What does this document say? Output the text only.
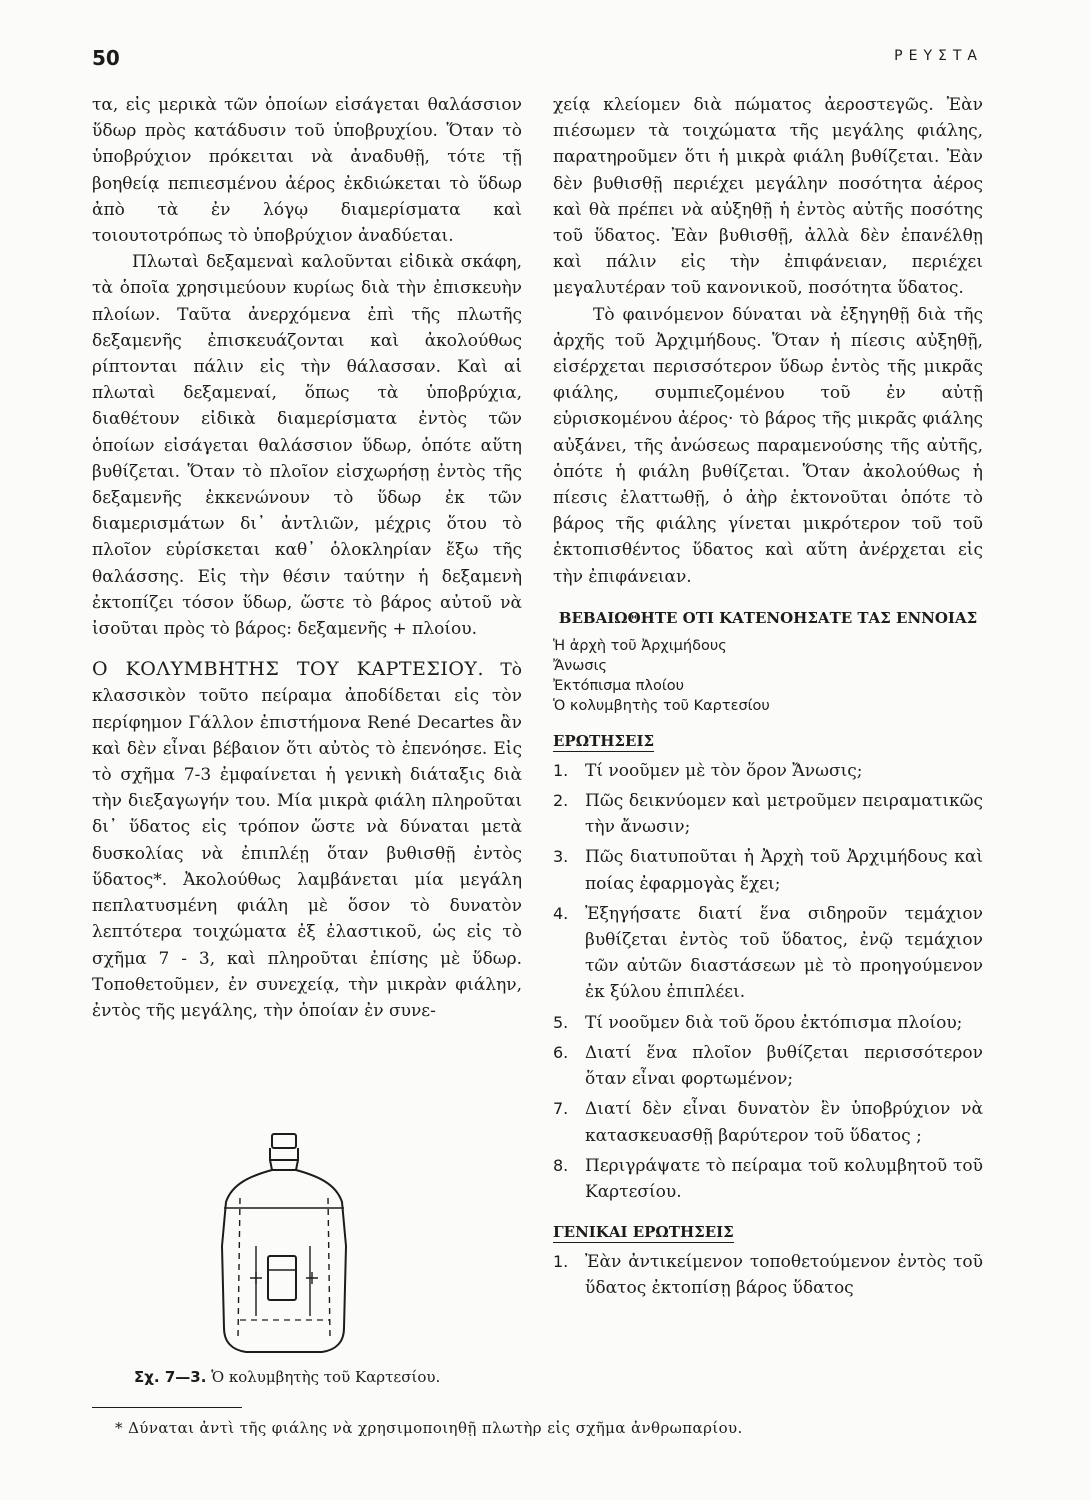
50	ΡΕΥΣΤΑ

τα, εἰς μερικὰ τῶν ὁποίων εἰσάγεται θαλάσσιον ὕδωρ πρὸς κατάδυσιν τοῦ ὑποβρυχίου. Ὅταν τὸ ὑποβρύχιον πρόκειται νὰ ἀναδυθῇ, τότε τῇ βοηθείᾳ πεπιεσμένου ἀέρος ἐκδιώκεται τὸ ὕδωρ ἀπὸ τὰ ἐν λόγῳ διαμερίσματα καὶ τοιουτοτρόπως τὸ ὑποβρύχιον ἀναδύεται.

Πλωταὶ δεξαμεναὶ καλοῦνται εἰδικὰ σκάφη, τὰ ὁποῖα χρησιμεύουν κυρίως διὰ τὴν ἐπισκευὴν πλοίων. Ταῦτα ἀνερχόμενα ἐπὶ τῆς πλωτῆς δεξαμενῆς ἐπισκευάζονται καὶ ἀκολούθως ρίπτονται πάλιν εἰς τὴν θάλασσαν. Καὶ αἱ πλωταὶ δεξαμεναί, ὅπως τὰ ὑποβρύχια, διαθέτουν εἰδικὰ διαμερίσματα ἐντὸς τῶν ὁποίων εἰσάγεται θαλάσσιον ὕδωρ, ὁπότε αὕτη βυθίζεται. Ὅταν τὸ πλοῖον εἰσχωρήσῃ ἐντὸς τῆς δεξαμενῆς ἐκκενώνουν τὸ ὕδωρ ἐκ τῶν διαμερισμάτων δι᾽ ἀντλιῶν, μέχρις ὅτου τὸ πλοῖον εὑρίσκεται καθ᾽ ὁλοκληρίαν ἔξω τῆς θαλάσσης. Εἰς τὴν θέσιν ταύτην ἡ δεξαμενὴ ἐκτοπίζει τόσον ὕδωρ, ὥστε τὸ βάρος αὐτοῦ νὰ ἰσοῦται πρὸς τὸ βάρος: δεξαμενῆς + πλοίου.

Ο ΚΟΛΥΜΒΗΤΗΣ ΤΟΥ ΚΑΡΤΕΣΙΟΥ. Τὸ κλασσικὸν τοῦτο πείραμα ἀποδίδεται εἰς τὸν περίφημον Γάλλον ἐπιστήμονα René Decartes ἂν καὶ δὲν εἶναι βέβαιον ὅτι αὐτὸς τὸ ἐπενόησε. Εἰς τὸ σχῆμα 7-3 ἐμφαίνεται ἡ γενικὴ διάταξις διὰ τὴν διεξαγωγήν του. Μία μικρὰ φιάλη πληροῦται δι᾽ ὕδατος εἰς τρόπον ὥστε νὰ δύναται μετὰ δυσκολίας νὰ ἐπιπλέῃ ὅταν βυθισθῇ ἐντὸς ὕδατος*. Ἀκολούθως λαμβάνεται μία μεγάλη πεπλατυσμένη φιάλη μὲ ὅσον τὸ δυνατὸν λεπτότερα τοιχώματα ἐξ ἐλαστικοῦ, ὡς εἰς τὸ σχῆμα 7 - 3, καὶ πληροῦται ἐπίσης μὲ ὕδωρ. Τοποθετοῦμεν, ἐν συνεχείᾳ, τὴν μικρὰν φιάλην, ἐντὸς τῆς μεγάλης, τὴν ὁποίαν ἐν συνε-

Σχ. 7—3. Ὁ κολυμβητὴς τοῦ Καρτεσίου.

χείᾳ κλείομεν διὰ πώματος ἀεροστεγῶς. Ἐὰν πιέσωμεν τὰ τοιχώματα τῆς μεγάλης φιάλης, παρατηροῦμεν ὅτι ἡ μικρὰ φιάλη βυθίζεται. Ἐὰν δὲν βυθισθῇ περιέχει μεγάλην ποσότητα ἀέρος καὶ θὰ πρέπει νὰ αὐξηθῇ ἡ ἐντὸς αὐτῆς ποσότης τοῦ ὕδατος. Ἐὰν βυθισθῇ, ἀλλὰ δὲν ἐπανέλθῃ καὶ πάλιν εἰς τὴν ἐπιφάνειαν, περιέχει μεγαλυτέραν τοῦ κανονικοῦ, ποσότητα ὕδατος.

Τὸ φαινόμενον δύναται νὰ ἐξηγηθῇ διὰ τῆς ἀρχῆς τοῦ Ἀρχιμήδους. Ὅταν ἡ πίεσις αὐξηθῇ, εἰσέρχεται περισσότερον ὕδωρ ἐντὸς τῆς μικρᾶς φιάλης, συμπιεζομένου τοῦ ἐν αὐτῇ εὑρισκομένου ἀέρος· τὸ βάρος τῆς μικρᾶς φιάλης αὐξάνει, τῆς ἀνώσεως παραμενούσης τῆς αὐτῆς, ὁπότε ἡ φιάλη βυθίζεται. Ὅταν ἀκολούθως ἡ πίεσις ἐλαττωθῇ, ὁ ἀὴρ ἐκτονοῦται ὁπότε τὸ βάρος τῆς φιάλης γίνεται μικρότερον τοῦ τοῦ ἐκτοπισθέντος ὕδατος καὶ αὕτη ἀνέρχεται εἰς τὴν ἐπιφάνειαν.

ΒΕΒΑΙΩΘΗΤΕ ΟΤΙ ΚΑΤΕΝΟΗΣΑΤΕ ΤΑΣ ΕΝΝΟΙΑΣ
Ἡ ἀρχὴ τοῦ Ἀρχιμήδους
Ἄνωσις
Ἐκτόπισμα πλοίου
Ὁ κολυμβητὴς τοῦ Καρτεσίου
ΕΡΩΤΗΣΕΙΣ
1. Τί νοοῦμεν μὲ τὸν ὅρον Ἄνωσις;
2. Πῶς δεικνύομεν καὶ μετροῦμεν πειραματικῶς τὴν ἄνωσιν;
3. Πῶς διατυποῦται ἡ Ἀρχὴ τοῦ Ἀρχιμήδους καὶ ποίας ἐφαρμογὰς ἔχει;
4. Ἐξηγήσατε διατί ἕνα σιδηροῦν τεμάχιον βυθίζεται ἐντὸς τοῦ ὕδατος, ἐνῷ τεμάχιον τῶν αὐτῶν διαστάσεων μὲ τὸ προηγούμενον ἐκ ξύλου ἐπιπλέει.
5. Τί νοοῦμεν διὰ τοῦ ὅρου ἐκτόπισμα πλοίου;
6. Διατί ἕνα πλοῖον βυθίζεται περισσότερον ὅταν εἶναι φορτωμένον;
7. Διατί δὲν εἶναι δυνατὸν ἓν ὑποβρύχιον νὰ κατασκευασθῇ βαρύτερον τοῦ ὕδατος ;
8. Περιγράψατε τὸ πείραμα τοῦ κολυμβητοῦ τοῦ Καρτεσίου.
ΓΕΝΙΚΑΙ ΕΡΩΤΗΣΕΙΣ
1. Ἐὰν ἀντικείμενον τοποθετούμενον ἐντὸς τοῦ ὕδατος ἐκτοπίσῃ βάρος ὕδατος
* Δύναται ἀντὶ τῆς φιάλης νὰ χρησιμοποιηθῇ πλωτὴρ εἰς σχῆμα ἀνθρωπαρίου.
